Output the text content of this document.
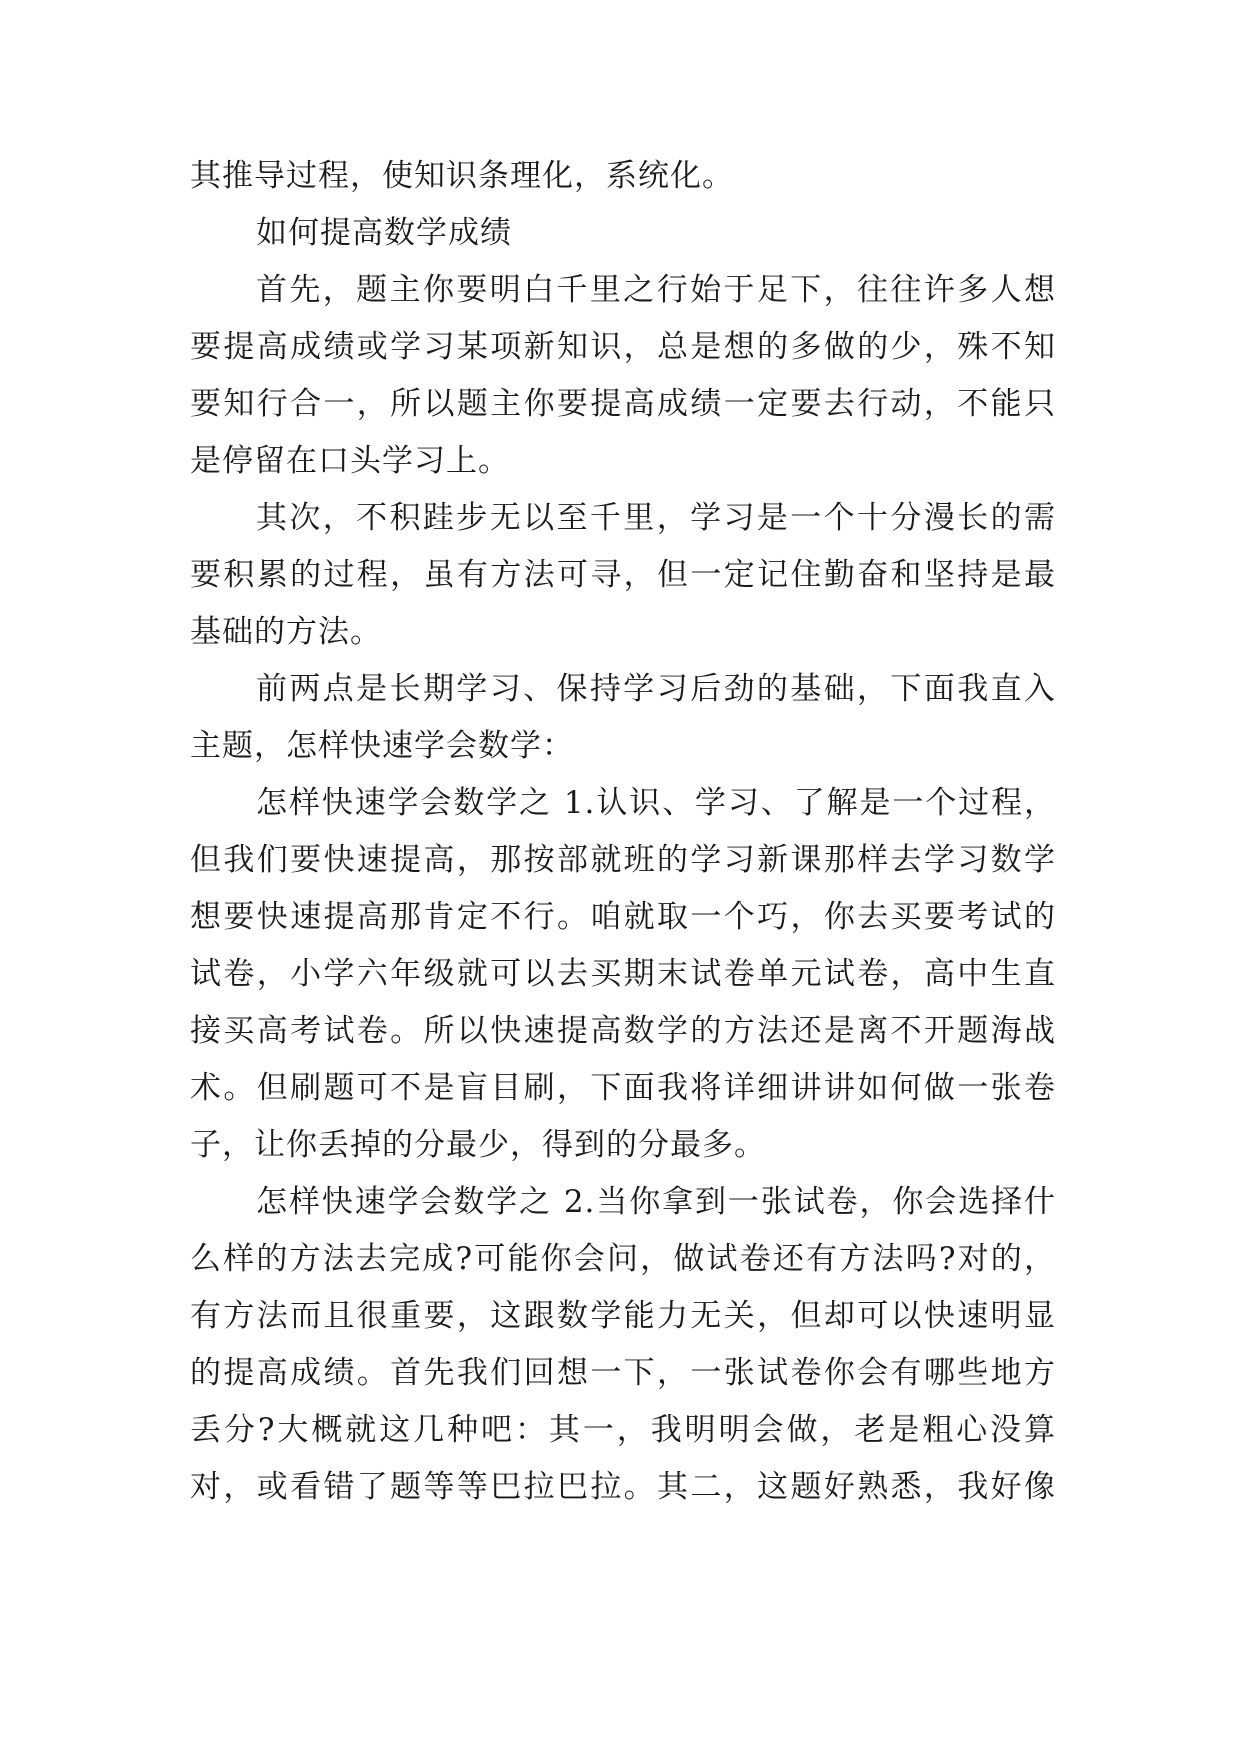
其推导过程，使知识条理化，系统化。
如何提高数学成绩
首先，题主你要明白千里之行始于足下，往往许多人想
要提高成绩或学习某项新知识，总是想的多做的少，殊不知
要知行合一，所以题主你要提高成绩一定要去行动，不能只
是停留在口头学习上。
其次，不积跬步无以至千里，学习是一个十分漫长的需
要积累的过程，虽有方法可寻，但一定记住勤奋和坚持是最
基础的方法。
前两点是长期学习、保持学习后劲的基础，下面我直入
主题，怎样快速学会数学：
怎样快速学会数学之 1.认识、学习、了解是一个过程，
但我们要快速提高，那按部就班的学习新课那样去学习数学
想要快速提高那肯定不行。咱就取一个巧，你去买要考试的
试卷，小学六年级就可以去买期末试卷单元试卷，高中生直
接买高考试卷。所以快速提高数学的方法还是离不开题海战
术。但刷题可不是盲目刷，下面我将详细讲讲如何做一张卷
子，让你丢掉的分最少，得到的分最多。
怎样快速学会数学之 2.当你拿到一张试卷，你会选择什
么样的方法去完成?可能你会问，做试卷还有方法吗?对的，
有方法而且很重要，这跟数学能力无关，但却可以快速明显
的提高成绩。首先我们回想一下，一张试卷你会有哪些地方
丢分?大概就这几种吧：其一，我明明会做，老是粗心没算
对，或看错了题等等巴拉巴拉。其二，这题好熟悉，我好像
